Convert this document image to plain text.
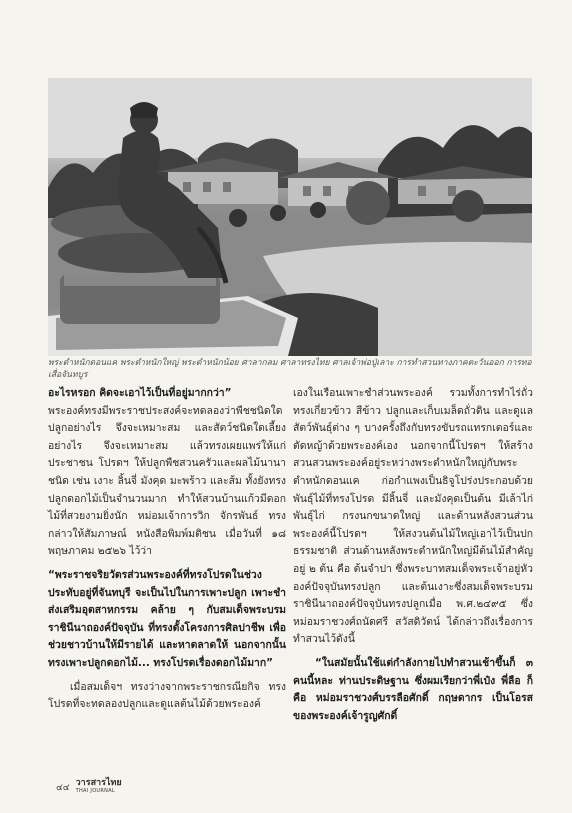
พระตำหนักดอนแค พระตำหนักใหญ่ พระตำหนักน้อย ศาลากลม ศาลาทรงไทย ศาลเจ้าพ่อปู่เลาะ การทำสวนทางภาคตะวันออก การทอเสื่อจันทบูร

อะไรหรอก คิดจะเอาไว้เป็นที่อยู่มากกว่า”

พระองค์ทรงมีพระราชประสงค์จะทดลองว่าพืชชนิดใดปลูกอย่างไร จึงจะเหมาะสม และสัตว์ชนิดใดเลี้ยงอย่างไร จึงจะเหมาะสม แล้วทรงเผยแพร่ให้แก่ประชาชน โปรดฯ ให้ปลูกพืชสวนครัวและผลไม้นานาชนิด เช่น เงาะ ลิ้นจี่ มังคุด มะพร้าว และส้ม ทั้งยังทรงปลูกดอกไม้เป็นจำนวนมาก ทำให้สวนบ้านแก้วมีดอกไม้ที่สวยงามยิ่งนัก หม่อมเจ้าการวิก จักรพันธ์ ทรงกล่าวให้สัมภาษณ์ หนังสือพิมพ์มติชน เมื่อวันที่ ๑๘ พฤษภาคม ๒๕๒๖ ไว้ว่า

“พระราชจริยวัตรส่วนพระองค์ที่ทรงโปรดในช่วงประทับอยู่ที่จันทบุรี จะเป็นไปในการเพาะปลูก เพาะชำ ส่งเสริมอุตสาหกรรม คล้าย ๆ กับสมเด็จพระบรมราชินีนาถองค์ปัจจุบัน ที่ทรงตั้งโครงการศิลปาชีพ เพื่อช่วยชาวบ้านให้มีรายได้ และหาตลาดให้ นอกจากนั้นทรงเพาะปลูกดอกไม้... ทรงโปรดเรื่องดอกไม้มาก”

เมื่อสมเด็จฯ ทรงว่างจากพระราชกรณียกิจ ทรงโปรดที่จะทดลองปลูกและดูแลต้นไม้ด้วยพระองค์

เองในเรือนเพาะชำส่วนพระองค์ รวมทั้งการทำไร่ถั่วทรงเกี่ยวข้าว สีข้าว ปลูกและเก็บเมล็ดถั่วดิน และดูแลสัตว์พันธุ์ต่าง ๆ บางครั้งถึงกับทรงขับรถแทรกเตอร์และตัดหญ้าด้วยพระองค์เอง นอกจากนี้โปรดฯ ให้สร้างสวนสวนพระองค์อยู่ระหว่างพระตำหนักใหญ่กับพระตำหนักดอนแค ก่อกำแพงเป็นธิจูโปร่งประกอบด้วยพันธุ์ไม้ที่ทรงโปรด มีลิ้นจี่ และมังคุดเป็นต้น มีเล้าไก่พันธุ์ไก่ กรงนกขนาดใหญ่ และด้านหลังสวนส่วนพระองค์นี้โปรดฯ ให้สงวนต้นไม้ใหญ่เอาไว้เป็นปกธรรมชาติ ส่วนด้านหลังพระตำหนักใหญ่มีต้นไม้สำคัญอยู่ ๒ ต้น คือ ต้นจำปา ซึ่งพระบาทสมเด็จพระเจ้าอยู่หัว องค์ปัจจุบันทรงปลูก และต้นเงาะซึ่งสมเด็จพระบรมราชินีนาถองค์ปัจจุบันทรงปลูกเมื่อ พ.ศ.๒๔๙๕ ซึ่งหม่อมราชวงศ์ถนัดศรี สวัสดิวัตน์ ได้กล่าวถึงเรื่องการทำสวนไว้ดังนี้

“ในสมัยนั้นใช้แต่กำลังกายไปทำสวนเช้าขึ้นก็ ๓ คนนี้หละ ท่านประดิษฐาน ซึ่งผมเรียกว่าพี่เป๋ง พี่ลือ ก็คือ หม่อมราชวงศ์บรรลือศักดิ์ กฤษดากร เป็นโอรสของพระองค์เจ้ารูญศักดิ์

๔๔ วารสารไทย
THAI JOURNAL
